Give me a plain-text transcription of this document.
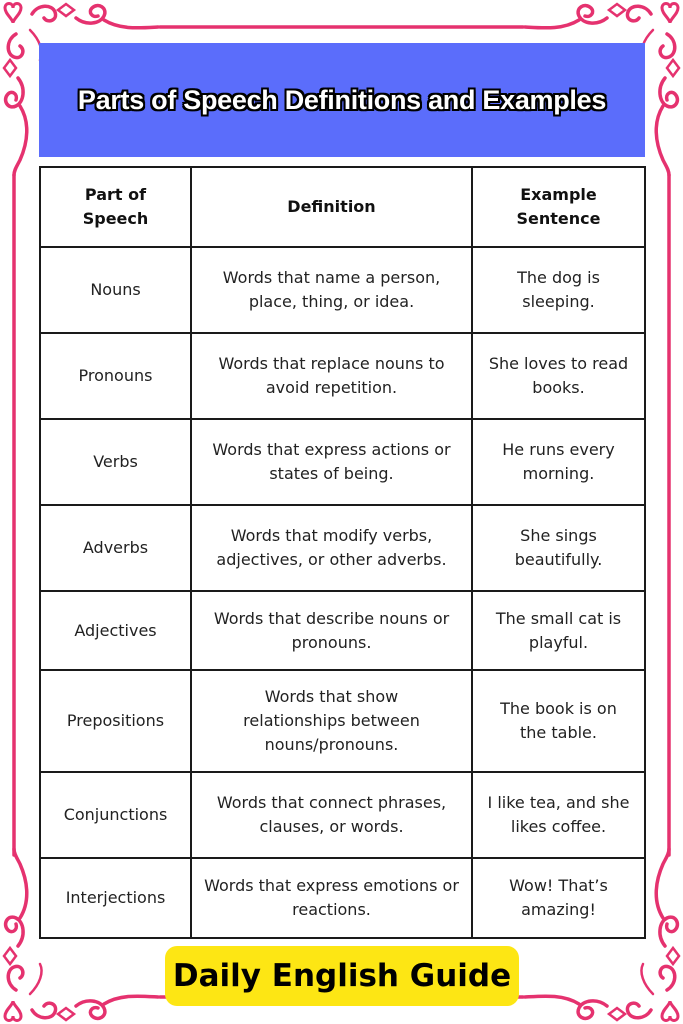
Parts of Speech Definitions and Examples
Part of Speech	Definition	Example Sentence
Nouns	Words that name a person, place, thing, or idea.	The dog is sleeping.
Pronouns	Words that replace nouns to avoid repetition.	She loves to read books.
Verbs	Words that express actions or states of being.	He runs every morning.
Adverbs	Words that modify verbs, adjectives, or other adverbs.	She sings beautifully.
Adjectives	Words that describe nouns or pronouns.	The small cat is playful.
Prepositions	Words that show relationships between nouns/pronouns.	The book is on the table.
Conjunctions	Words that connect phrases, clauses, or words.	I like tea, and she likes coffee.
Interjections	Words that express emotions or reactions.	Wow! That’s amazing!
Daily English Guide
